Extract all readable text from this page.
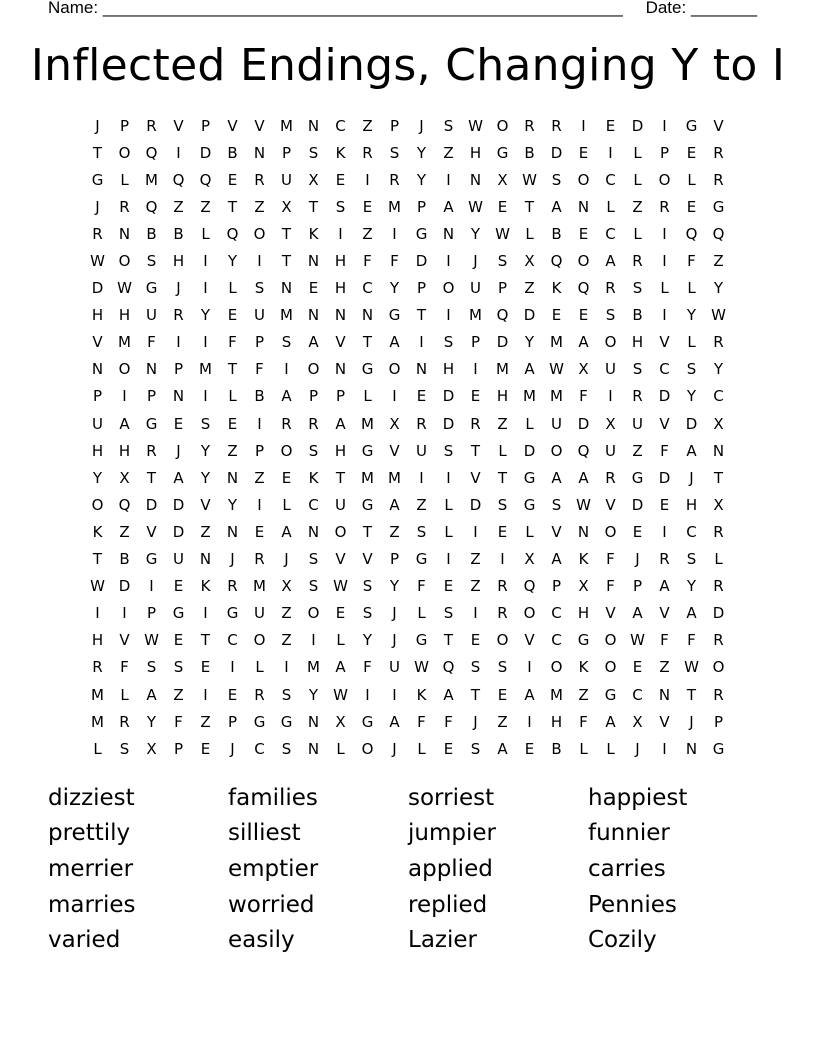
Name: _______________________________________________________ Date: _______
Inflected Endings, Changing Y to I
J	P	R	V	P	V	V	M N	C	Z	P	J	S W O	R	R	I	E	D	I	G	V
T	O	Q	I	D	B	N	P	S	K	R	S	Y	Z	H	G	B	D	E	I	L	P	E	R
G	L	M Q	Q	E	R	U	X	E	I	R	Y	I	N	X W S	O	C	L	O	L	R
J	R	Q	Z	Z	T	Z	X	T	S	E	M	P	A W E	T	A	N	L	Z	R	E	G
R	N	B	B	L	Q	O	T	K	I	Z	I	G	N	Y	W	L	B	E	C	L	I	Q	Q
W O	S	H	I	Y	I	T	N	H	F	F	D	I	J	S	X	Q	O	A	R	I	F	Z
D W G	J	I	L	S	N	E	H	C	Y	P	O	U	P	Z	K	Q	R	S	L	L	Y
H	H	U	R	Y	E	U	M N	N	N	G	T	I	M Q	D	E	E	S	B	I	Y	W
V	M	F	I	I	F	P	S	A	V	T	A	I	S	P	D	Y	M	A	O	H	V	L	R
N	O	N	P	M	T	F	I	O	N	G	O	N	H	I	M	A W X	U	S	C	S	Y
P	I	P	N	I	L	B	A	P	P	L	I	E	D	E	H M M	F	I	R	D	Y	C
U	A	G	E	S	E	I	R	R	A	M	X	R	D	R	Z	L	U	D	X	U	V	D	X
H	H	R	J	Y	Z	P	O	S	H	G	V	U	S	T	L	D	O	Q	U	Z	F	A	N
Y	X	T	A	Y	N	Z	E	K	T	M M	I	I	V	T	G	A	A	R	G	D	J	T
O	Q	D	D	V	Y	I	L	C	U	G	A	Z	L	D	S	G	S W V	D	E	H	X
K	Z	V	D	Z	N	E	A	N	O	T	Z	S	L	I	E	L	V	N	O	E	I	C	R
T	B	G	U	N	J	R	J	S	V	V	P	G	I	Z	I	X	A	K	F	J	R	S	L
W D	I	E	K	R	M	X	S W S	Y	F	E	Z	R	Q	P	X	F	P	A	Y	R
I	I	P	G	I	G	U	Z	O	E	S	J	L	S	I	R	O	C	H	V	A	V	A	D
H	V W E	T	C	O	Z	I	L	Y	J	G	T	E	O	V	C	G	O W	F	F	R
R	F	S	S	E	I	L	I	M	A	F	U W Q	S	S	I	O	K	O	E	Z W O
M	L	A	Z	I	E	R	S	Y	W	I	I	K	A	T	E	A	M	Z	G	C	N	T	R
M	R	Y	F	Z	P	G	G	N	X	G	A	F	F	J	Z	I	H	F	A	X	V	J	P
L	S	X	P	E	J	C	S	N	L	O	J	L	E	S	A	E	B	L	L	J	I	N	G
dizziest	families	sorriest	happiest
prettily	silliest	jumpier	funnier
merrier	emptier	applied	carries
marries	worried	replied	Pennies
varied	easily	Lazier	Cozily
